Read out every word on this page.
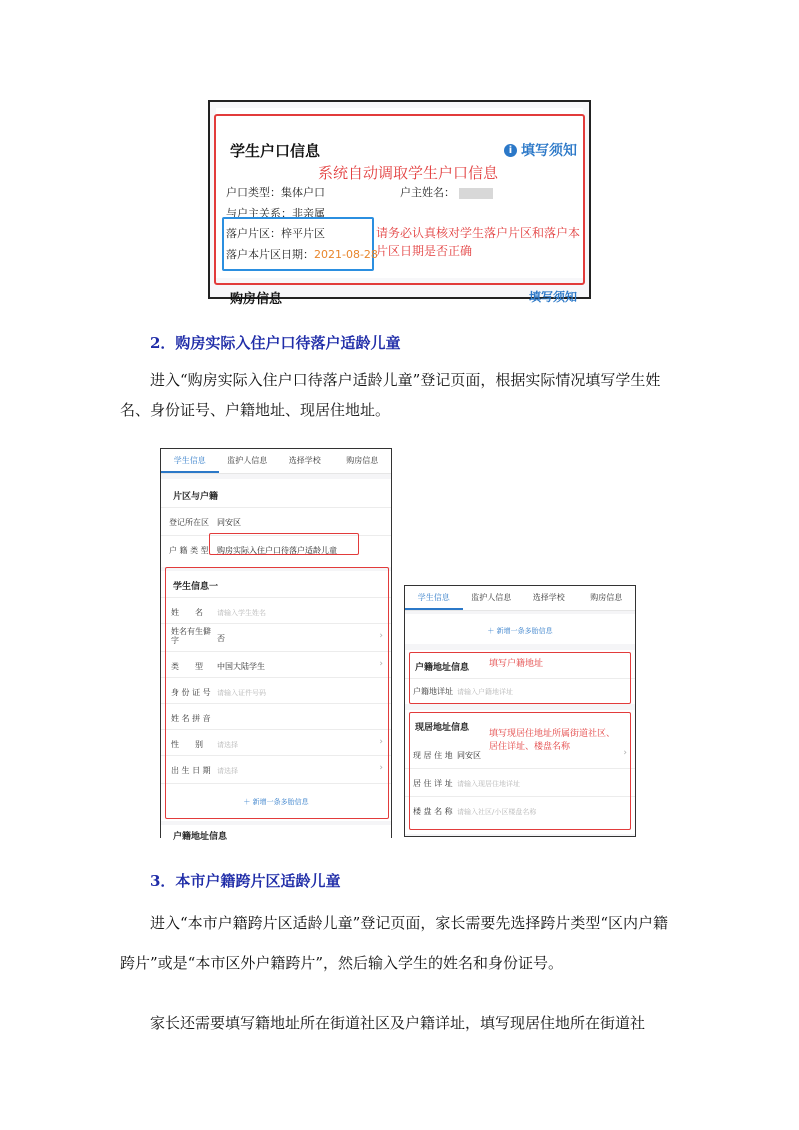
学生户口信息	i 填写须知
系统自动调取学生户口信息
户口类型：集体户口	户主姓名：
与户主关系：非亲属
落户片区：梓平片区
落户本片区日期：2021-08-28
请务必认真核对学生落户片区和落户本片区日期是否正确
购房信息	填写须知
2．购房实际入住户口待落户适龄儿童
进入“购房实际入住户口待落户适龄儿童”登记页面，根据实际情况填写学生姓名、身份证号、户籍地址、现居住地址。
学生信息	监护人信息	选择学校	购房信息
片区与户籍
登记所在区 同安区
户 籍 类 型 购房实际入住户口待落户适龄儿童
学生信息一
姓　　名 请输入学生姓名
姓名有生僻字	否	›
类　　型 中国大陆学生	›
身 份 证 号 请输入证件号码
姓 名 拼 音
性　　别 请选择	›
出 生 日 期 请选择	›
＋ 新增一条多胎信息
户籍地址信息
学生信息	监护人信息	选择学校	购房信息
＋ 新增一条多胎信息
户籍地址信息 填写户籍地址
户籍地详址 请输入户籍地详址
现居地址信息
填写现居住地址所属街道社区、居住详址、楼盘名称
现 居 住 地 同安区	›
居 住 详 址 请输入现居住地详址
楼 盘 名 称 请输入社区/小区楼盘名称
3．本市户籍跨片区适龄儿童
进入“本市户籍跨片区适龄儿童”登记页面，家长需要先选择跨片类型“区内户籍跨片”或是“本市区外户籍跨片”，然后输入学生的姓名和身份证号。
家长还需要填写籍地址所在街道社区及户籍详址，填写现居住地所在街道社
